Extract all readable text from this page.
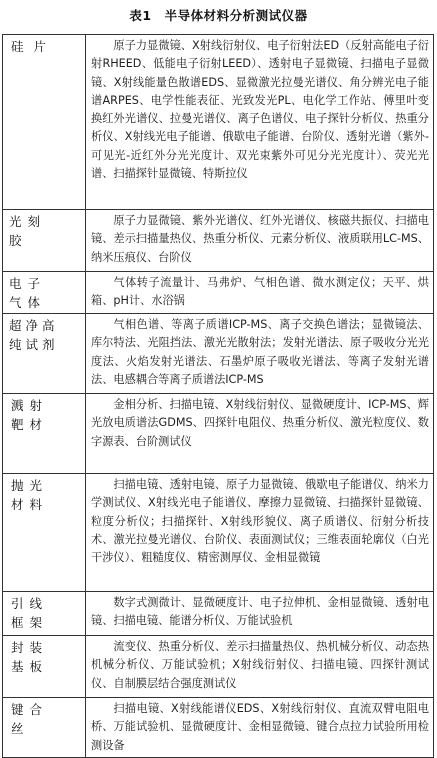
表1　半导体材料分析测试仪器
硅片	原子力显微镜、X射线衍射仪、电子衍射法ED（反射高能电子衍射RHEED、低能电子衍射LEED）、透射电子显微镜、扫描电子显微镜、X射线能量色散谱EDS、显微激光拉曼光谱仪、角分辨光电子能谱ARPES、电学性能表征、光致发光PL、电化学工作站、傅里叶变换红外光谱仪、拉曼光谱仪、离子色谱仪、电子探针分析仪、热重分析仪、X射线光电子能谱、俄歇电子能谱、台阶仪、透射光谱（紫外-可见光-近红外分光光度计、双光束紫外可见分光光度计）、荧光光谱、扫描探针显微镜、特斯拉仪

光刻胶	原子力显微镜、紫外光谱仪、红外光谱仪、核磁共振仪、扫描电镜、差示扫描量热仪、热重分析仪、元素分析仪、液质联用LC-MS、纳米压痕仪、台阶仪

电子气体	气体转子流量计、马弗炉、气相色谱、微水测定仪；天平、烘箱、pH计、水浴锅

超净高纯试剂	气相色谱、等离子质谱ICP-MS、离子交换色谱法；显微镜法、库尔特法、光阻挡法、激光光散射法；发射光谱法、原子吸收分光光度法、火焰发射光谱法、石墨炉原子吸收光谱法、等离子发射光谱法、电感耦合等离子质谱法ICP-MS

溅射靶材	金相分析、扫描电镜、X射线衍射仪、显微硬度计、ICP-MS、辉光放电质谱法GDMS、四探针电阻仪、热重分析仪、激光粒度仪、数字源表、台阶测试仪

抛光材料	扫描电镜、透射电镜、原子力显微镜、俄歇电子能谱仪、纳米力学测试仪、X射线光电子能谱仪、摩擦力显微镜、扫描探针显微镜、粒度分析仪；扫描探针、X射线形貌仪、离子质谱仪、衍射分析技术、激光拉曼光谱仪、台阶仪、表面测试仪；三维表面轮廓仪（白光干涉仪）、粗糙度仪、精密测厚仪、金相显微镜

引线框架	数字式测微计、显微硬度计、电子拉伸机、金相显微镜、透射电镜、扫描电镜、能谱分析仪、万能试验机

封装基板	流变仪、热重分析仪、差示扫描量热仪、热机械分析仪、动态热机械分析仪、万能试验机；X射线衍射仪、扫描电镜、四探针测试仪、自制膜层结合强度测试仪

键合丝	扫描电镜、X射线能谱仪EDS、X射线衍射仪、直流双臂电阻电桥、万能试验机、显微硬度计、金相显微镜、键合点拉力试验所用检测设备
